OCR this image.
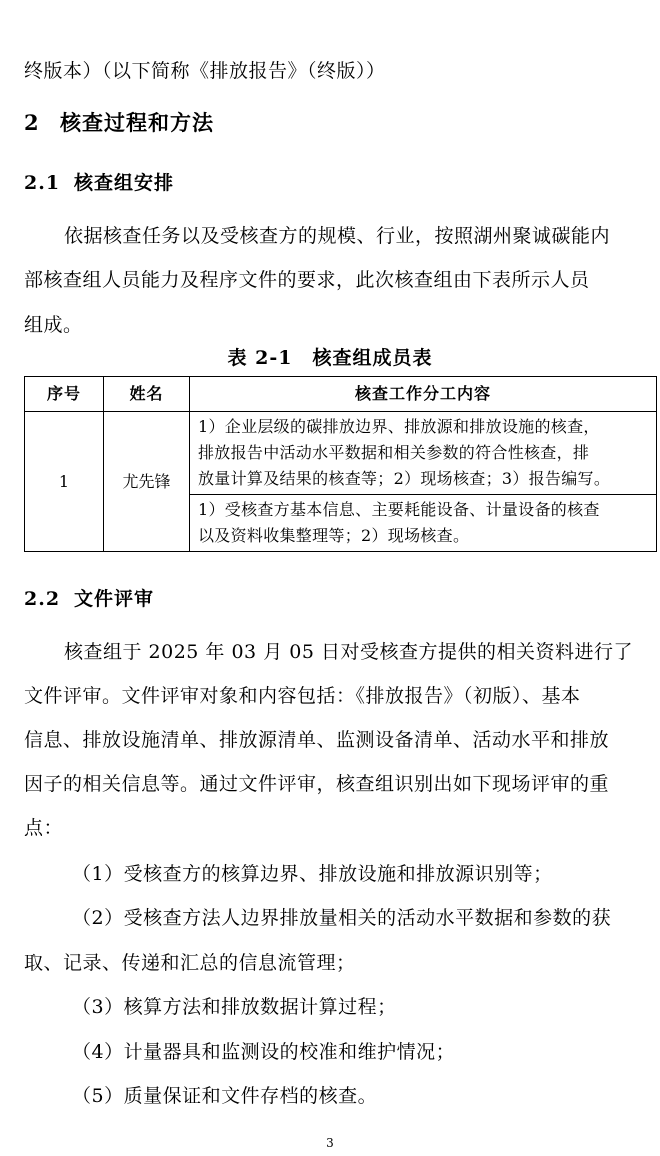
终版本）（以下简称《排放报告》（终版））
2 核查过程和方法
2.1 核查组安排
依据核查任务以及受核查方的规模、行业，按照湖州聚诚碳能内
部核查组人员能力及程序文件的要求，此次核查组由下表所示人员
组成。
表 2-1　核查组成员表
序号	姓名	核查工作分工内容
1	尤先锋	1）企业层级的碳排放边界、排放源和排放设施的核查，
排放报告中活动水平数据和相关参数的符合性核查，排
放量计算及结果的核查等；2）现场核查；3）报告编写。

		1）受核查方基本信息、主要耗能设备、计量设备的核查
以及资料收集整理等；2）现场核查。
2.2 文件评审
核查组于 2025 年 03 月 05 日对受核查方提供的相关资料进行了
文件评审。文件评审对象和内容包括：《排放报告》（初版）、基本
信息、排放设施清单、排放源清单、监测设备清单、活动水平和排放
因子的相关信息等。通过文件评审，核查组识别出如下现场评审的重
点：
（1）受核查方的核算边界、排放设施和排放源识别等；
（2）受核查方法人边界排放量相关的活动水平数据和参数的获
取、记录、传递和汇总的信息流管理；
（3）核算方法和排放数据计算过程；
（4）计量器具和监测设的校准和维护情况；
（5）质量保证和文件存档的核查。
3
